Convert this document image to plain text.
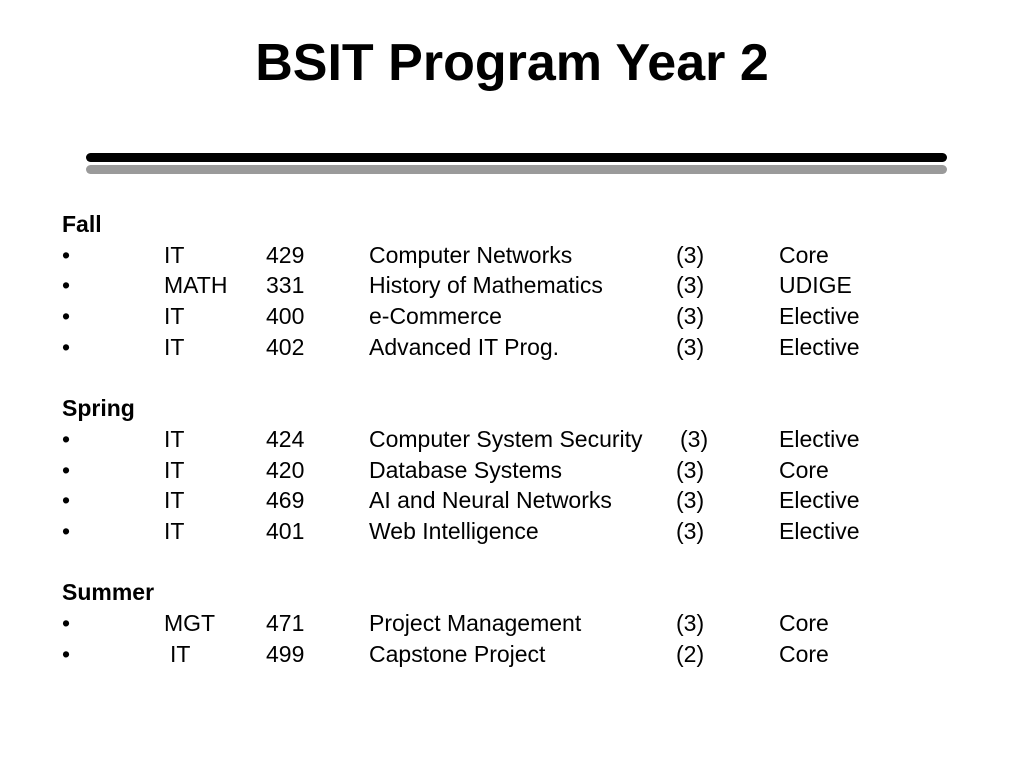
BSIT Program Year 2
Fall
•	IT	429	Computer Networks	(3)	Core
•	MATH 331	History of Mathematics	(3)	UDIGE
•	IT	400	e-Commerce	(3)	Elective
•	IT	402	Advanced IT Prog.	(3)	Elective
Spring
•	IT	424	Computer System Security (3)	Elective
•	IT	420	Database Systems	(3)	Core
•	IT	469	AI and Neural Networks	(3)	Elective
•	IT	401	Web Intelligence	(3)	Elective
Summer
•	MGT 471	Project Management	(3)	Core
•	IT	499	Capstone Project	(2)	Core
